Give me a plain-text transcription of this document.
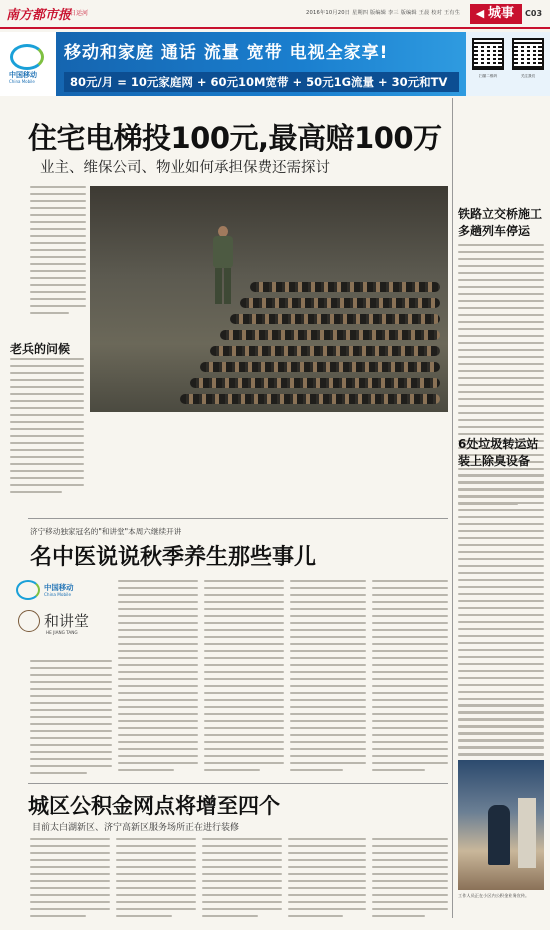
南方都市报
今日运河	2016年10月20日 星期四 版编辑 李三 版编辑 王晨 校对 王有生 ◀ 城事 C03
中国移动
China Mobile
移动和家庭 通话 流量 宽带 电视全家享!
80元/月 = 10元家庭网 + 60元10M宽带 + 50元1G流量 + 30元和TV	扫描二维码	关注我们
住宅电梯投100元,最高赔100万
业主、维保公司、物业如何承担保费还需探讨
老兵的问候
济宁移动独家冠名的"和讲堂"本周六继续开讲
名中医说说秋季养生那些事儿
中国移动
China Mobile
和讲堂
HE JIANG TANG
城区公积金网点将增至四个
目前太白湖新区、济宁高新区服务场所正在进行装修
铁路立交桥施工多趟列车停运
6处垃圾转运站装上除臭设备
工作人员正在小区内公积金业务宣传。
